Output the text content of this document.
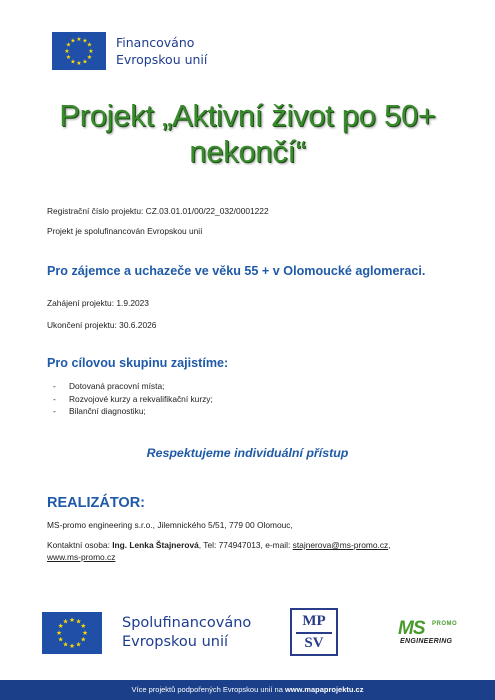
★ ★
★
★
★
★
★
★
★
★
★
★	Financováno
Evropskou unií
Projekt „Aktivní život po 50+
nekončí“
Registrační číslo projektu: CZ.03.01.01/00/22_032/0001222
Projekt je spolufinancován Evropskou unií
Pro zájemce a uchazeče ve věku 55 + v Olomoucké aglomeraci.
Zahájení projektu: 1.9.2023
Ukončení projektu: 30.6.2026
Pro cílovou skupinu zajistíme:
- Dotovaná pracovní místa;
- Rozvojové kurzy a rekvalifikační kurzy;
- Bilanční diagnostiku;
Respektujeme individuální přístup
REALIZÁTOR:
MS-promo engineering s.r.o., Jilemnického 5/51, 779 00 Olomouc,
Kontaktní osoba: Ing. Lenka Štajnerová, Tel: 774947013, e-mail: stajnerova@ms-promo.cz,
www.ms-promo.cz
★ ★
★
★
★
★
★
★
★
★
★
★	Spolufinancováno
Evropskou unií
MP
SV
MS PROMO
ENGINEERING
Více projektů podpořených Evropskou unií na www.mapaprojektu.cz
